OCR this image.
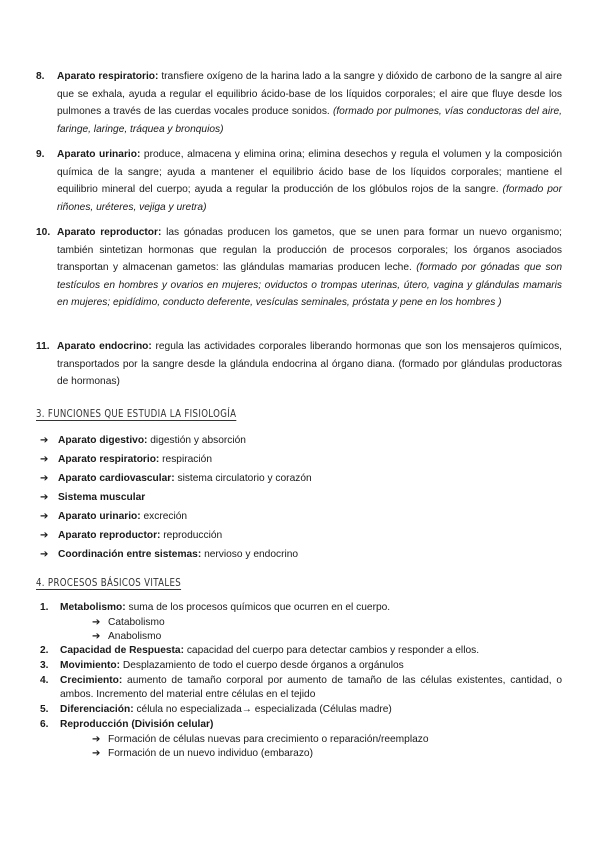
8. Aparato respiratorio: transfiere oxígeno de la harina lado a la sangre y dióxido de carbono de la sangre al aire que se exhala, ayuda a regular el equilibrio ácido-base de los líquidos corporales; el aire que fluye desde los pulmones a través de las cuerdas vocales produce sonidos. (formado por pulmones, vías conductoras del aire, faringe, laringe, tráquea y bronquios)
9. Aparato urinario: produce, almacena y elimina orina; elimina desechos y regula el volumen y la composición química de la sangre; ayuda a mantener el equilibrio ácido base de los líquidos corporales; mantiene el equilibrio mineral del cuerpo; ayuda a regular la producción de los glóbulos rojos de la sangre. (formado por riñones, uréteres, vejiga y uretra)
10. Aparato reproductor: las gónadas producen los gametos, que se unen para formar un nuevo organismo; también sintetizan hormonas que regulan la producción de procesos corporales; los órganos asociados transportan y almacenan gametos: las glándulas mamarias producen leche. (formado por gónadas que son testículos en hombres y ovarios en mujeres; oviductos o trompas uterinas, útero, vagina y glándulas mamaris en mujeres; epidídimo, conducto deferente, vesículas seminales, próstata y pene en los hombres )
11. Aparato endocrino: regula las actividades corporales liberando hormonas que son los mensajeros químicos, transportados por la sangre desde la glándula endocrina al órgano diana. (formado por glándulas productoras de hormonas)
3. FUNCIONES QUE ESTUDIA LA FISIOLOGÍA
➔ Aparato digestivo: digestión y absorción
➔ Aparato respiratorio: respiración
➔ Aparato cardiovascular: sistema circulatorio y corazón
➔ Sistema muscular
➔ Aparato urinario: excreción
➔ Aparato reproductor: reproducción
➔ Coordinación entre sistemas: nervioso y endocrino
4. PROCESOS BÁSICOS VITALES
1. Metabolismo: suma de los procesos químicos que ocurren en el cuerpo.
➔ Catabolismo
➔ Anabolismo
2. Capacidad de Respuesta: capacidad del cuerpo para detectar cambios y responder a ellos.
3. Movimiento: Desplazamiento de todo el cuerpo desde órganos a orgánulos
4. Crecimiento: aumento de tamaño corporal por aumento de tamaño de las células existentes, cantidad, o ambos. Incremento del material entre células en el tejido
5. Diferenciación: célula no especializada→ especializada (Células madre)
6. Reproducción (División celular)
➔ Formación de células nuevas para crecimiento o reparación/reemplazo
➔ Formación de un nuevo individuo (embarazo)
